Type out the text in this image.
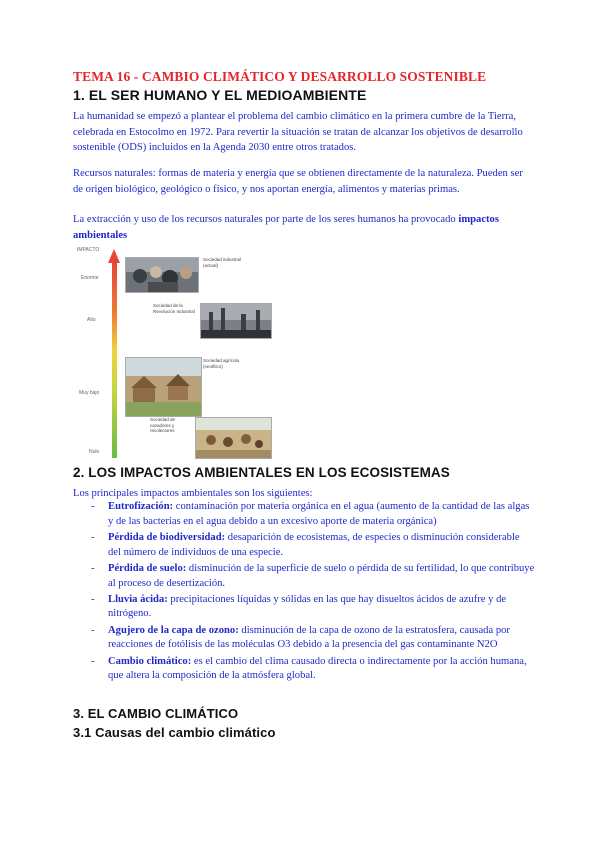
TEMA 16 - CAMBIO CLIMÁTICO Y DESARROLLO SOSTENIBLE
1. EL SER HUMANO Y EL MEDIOAMBIENTE
La humanidad se empezó a plantear el problema del cambio climático en la primera cumbre de la Tierra, celebrada en Estocolmo en 1972. Para revertir la situación se tratan de alcanzar los objetivos de desarrollo sostenible (ODS) incluidos en la Agenda 2030 entre otros tratados.
Recursos naturales: formas de materia y energía que se obtienen directamente de la naturaleza. Pueden ser de origen biológico, geológico o físico, y nos aportan energía, alimentos y materias primas.
La extracción y uso de los recursos naturales por parte de los seres humanos ha provocado impactos ambientales
IMPACTO
Enorme
Alto
Muy bajo
Nulo
Sociedad industrial (actual)
Sociedad de la Revolución Industrial
Sociedad agrícola (neolítico)
Sociedad de cazadores y recolectores
2. LOS IMPACTOS AMBIENTALES EN LOS ECOSISTEMAS
Los principales impactos ambientales son los siguientes:
- Eutrofización: contaminación por materia orgánica en el agua (aumento de la cantidad de las algas y de las bacterias en el agua debido a un excesivo aporte de materia orgánica)
- Pérdida de biodiversidad: desaparición de ecosistemas, de especies o disminución considerable del número de individuos de una especie.
- Pérdida de suelo: disminución de la superficie de suelo o pérdida de su fertilidad, lo que contribuye al proceso de desertización.
- Lluvia ácida: precipitaciones líquidas y sólidas en las que hay disueltos ácidos de azufre y de nitrógeno.
- Agujero de la capa de ozono: disminución de la capa de ozono de la estratosfera, causada por reacciones de fotólisis de las moléculas O3 debido a la presencia del gas contaminante N2O
- Cambio climático: es el cambio del clima causado directa o indirectamente por la acción humana, que altera la composición de la atmósfera global.
3. EL CAMBIO CLIMÁTICO
3.1 Causas del cambio climático
